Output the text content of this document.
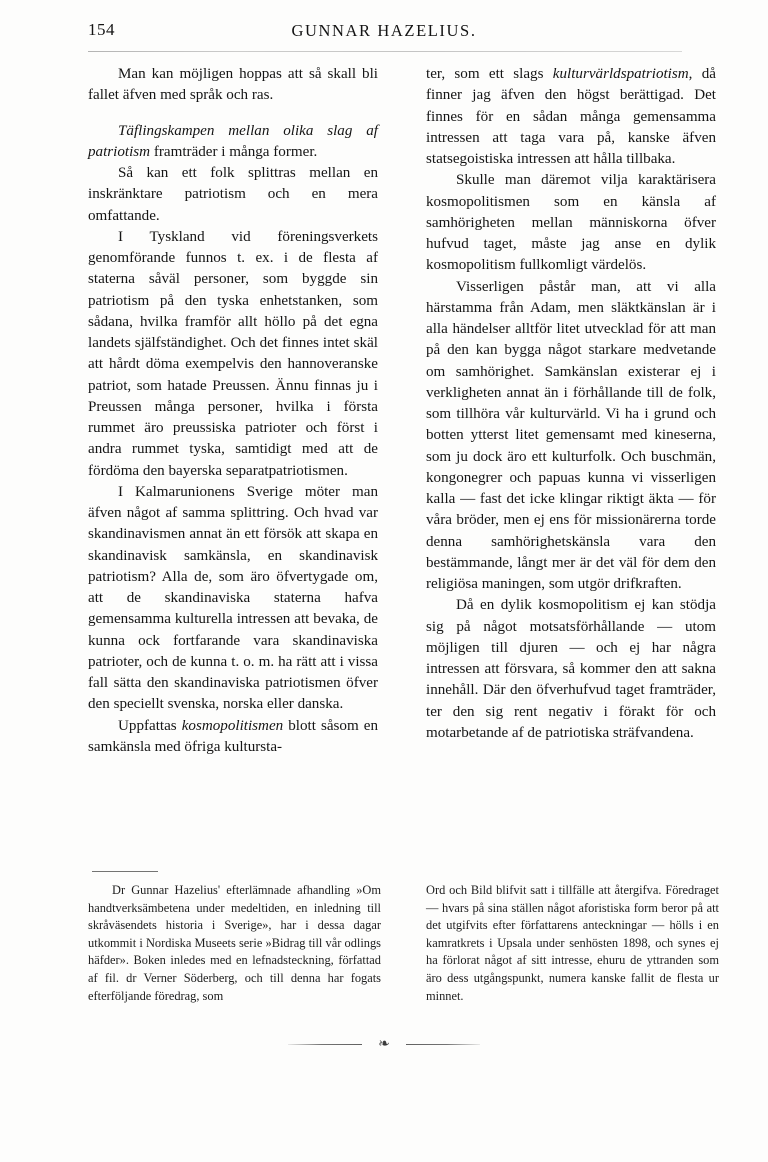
154	GUNNAR HAZELIUS.

Man kan möjligen hoppas att så skall bli fallet äfven med språk och ras.

Täflingskampen mellan olika slag af patriotism framträder i många former.

Så kan ett folk splittras mellan en inskränktare patriotism och en mera omfattande.

I Tyskland vid föreningsverkets genomförande funnos t. ex. i de flesta af staterna såväl personer, som byggde sin patriotism på den tyska enhetstanken, som sådana, hvilka framför allt höllo på det egna landets själfständighet. Och det finnes intet skäl att hårdt döma exempelvis den hannoveranske patriot, som hatade Preussen. Ännu finnas ju i Preussen många personer, hvilka i första rummet äro preussiska patrioter och först i andra rummet tyska, samtidigt med att de fördöma den bayerska separatpatriotismen.

I Kalmarunionens Sverige möter man äfven något af samma splittring. Och hvad var skandinavismen annat än ett försök att skapa en skandinavisk samkänsla, en skandinavisk patriotism? Alla de, som äro öfvertygade om, att de skandinaviska staterna hafva gemensamma kulturella intressen att bevaka, de kunna ock fortfarande vara skandinaviska patrioter, och de kunna t. o. m. ha rätt att i vissa fall sätta den skandinaviska patriotismen öfver den speciellt svenska, norska eller danska.

Uppfattas kosmopolitismen blott såsom en samkänsla med öfriga kultursta-

ter, som ett slags kulturvärldspatriotism, då finner jag äfven den högst berättigad. Det finnes för en sådan många gemensamma intressen att taga vara på, kanske äfven statsegoistiska intressen att hålla tillbaka.

Skulle man däremot vilja karaktärisera kosmopolitismen som en känsla af samhörigheten mellan människorna öfver hufvud taget, måste jag anse en dylik kosmopolitism fullkomligt värdelös.

Visserligen påstår man, att vi alla härstamma från Adam, men släktkänslan är i alla händelser alltför litet utvecklad för att man på den kan bygga något starkare medvetande om samhörighet. Samkänslan existerar ej i verkligheten annat än i förhållande till de folk, som tillhöra vår kulturvärld. Vi ha i grund och botten ytterst litet gemensamt med kineserna, som ju dock äro ett kulturfolk. Och buschmän, kongonegrer och papuas kunna vi visserligen kalla — fast det icke klingar riktigt äkta — för våra bröder, men ej ens för missionärerna torde denna samhörighetskänsla vara den bestämmande, långt mer är det väl för dem den religiösa maningen, som utgör drifkraften.

Då en dylik kosmopolitism ej kan stödja sig på något motsatsförhållande — utom möjligen till djuren — och ej har några intressen att försvara, så kommer den att sakna innehåll. Där den öfverhufvud taget framträder, ter den sig rent negativ i förakt för och motarbetande af de patriotiska sträfvandena.

Dr Gunnar Hazelius' efterlämnade afhandling »Om handtverksämbetena under medeltiden, en inledning till skråväsendets historia i Sverige», har i dessa dagar utkommit i Nordiska Museets serie »Bidrag till vår odlings häfder». Boken inledes med en lefnadsteckning, författad af fil. dr Verner Söderberg, och till denna har fogats efterföljande föredrag, som

Ord och Bild blifvit satt i tillfälle att återgifva. Föredraget — hvars på sina ställen något aforistiska form beror på att det utgifvits efter författarens anteckningar — hölls i en kamratkrets i Upsala under senhösten 1898, och synes ej ha förlorat något af sitt intresse, ehuru de yttranden som äro dess utgångspunkt, numera kanske fallit de flesta ur minnet.

❧
